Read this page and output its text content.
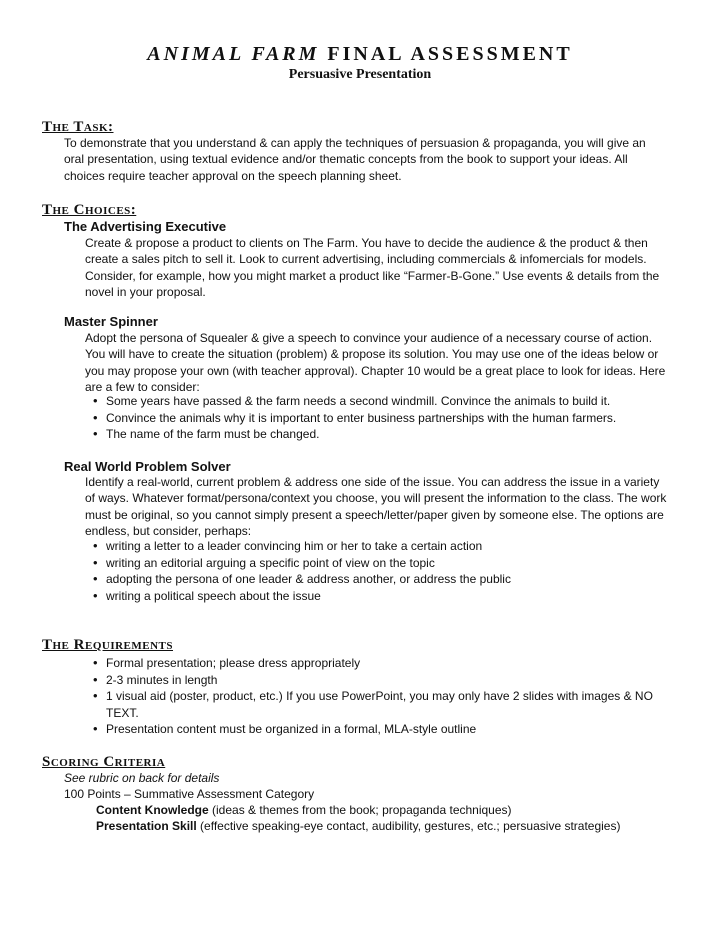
ANIMAL FARM FINAL ASSESSMENT
Persuasive Presentation
The Task:
To demonstrate that you understand & can apply the techniques of persuasion & propaganda, you will give an oral presentation, using textual evidence and/or thematic concepts from the book to support your ideas. All choices require teacher approval on the speech planning sheet.
The Choices:
The Advertising Executive
Create & propose a product to clients on The Farm. You have to decide the audience & the product & then create a sales pitch to sell it. Look to current advertising, including commercials & infomercials for models. Consider, for example, how you might market a product like “Farmer-B-Gone.” Use events & details from the novel in your proposal.
Master Spinner
Adopt the persona of Squealer & give a speech to convince your audience of a necessary course of action. You will have to create the situation (problem) & propose its solution. You may use one of the ideas below or you may propose your own (with teacher approval). Chapter 10 would be a great place to look for ideas. Here are a few to consider:
• Some years have passed & the farm needs a second windmill. Convince the animals to build it.
• Convince the animals why it is important to enter business partnerships with the human farmers.
• The name of the farm must be changed.
Real World Problem Solver
Identify a real-world, current problem & address one side of the issue. You can address the issue in a variety of ways. Whatever format/persona/context you choose, you will present the information to the class. The work must be original, so you cannot simply present a speech/letter/paper given by someone else. The options are endless, but consider, perhaps:
• writing a letter to a leader convincing him or her to take a certain action
• writing an editorial arguing a specific point of view on the topic
• adopting the persona of one leader & address another, or address the public
• writing a political speech about the issue
The Requirements
• Formal presentation; please dress appropriately
• 2-3 minutes in length
• 1 visual aid (poster, product, etc.) If you use PowerPoint, you may only have 2 slides with images & NO TEXT.
• Presentation content must be organized in a formal, MLA-style outline
Scoring Criteria
See rubric on back for details
100 Points – Summative Assessment Category
Content Knowledge (ideas & themes from the book; propaganda techniques)
Presentation Skill (effective speaking-eye contact, audibility, gestures, etc.; persuasive strategies)
